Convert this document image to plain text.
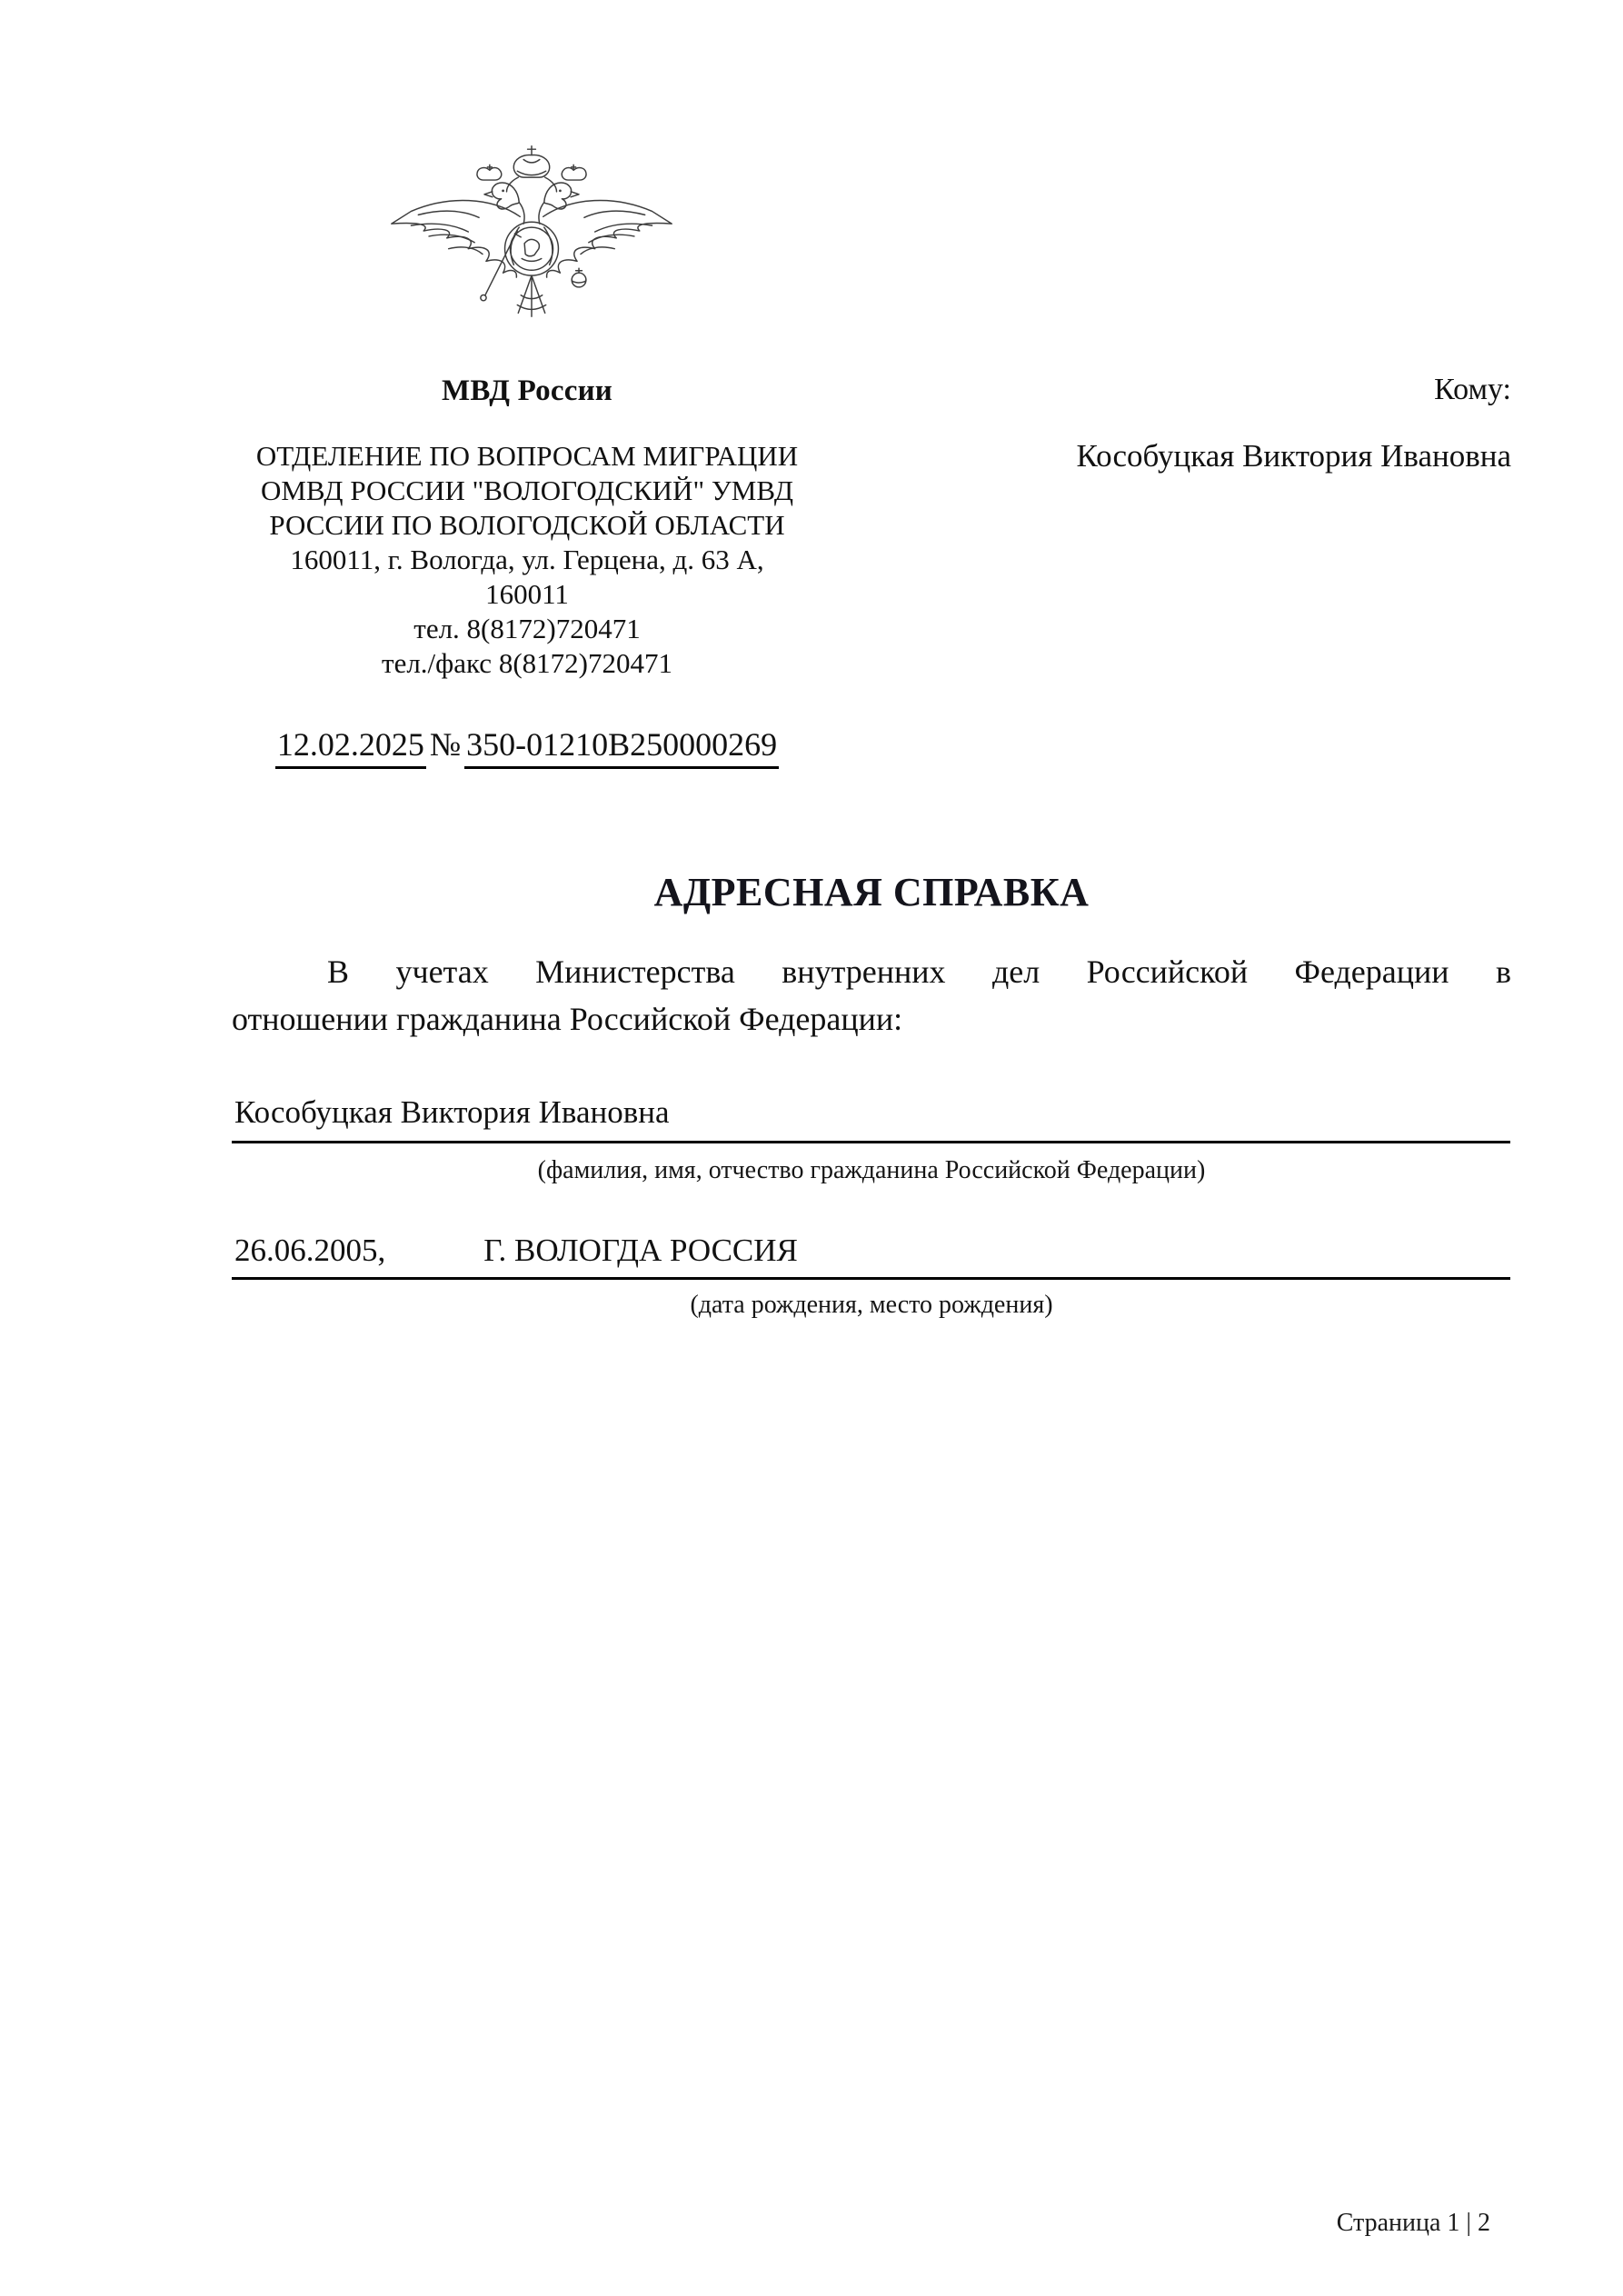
МВД России
ОТДЕЛЕНИЕ ПО ВОПРОСАМ МИГРАЦИИ
ОМВД РОССИИ "ВОЛОГОДСКИЙ" УМВД
РОССИИ ПО ВОЛОГОДСКОЙ ОБЛАСТИ
160011, г. Вологда, ул. Герцена, д. 63 А,
160011
тел. 8(8172)720471
тел./факс 8(8172)720471
12.02.2025 № 350-01210В250000269
Кому:
Кособуцкая Виктория Ивановна
АДРЕСНАЯ СПРАВКА
В учетах Министерства внутренних дел Российской Федерации в
отношении гражданина Российской Федерации:
Кособуцкая Виктория Ивановна
(фамилия, имя, отчество гражданина Российской Федерации)
26.06.2005,	Г. ВОЛОГДА РОССИЯ
(дата рождения, место рождения)
Страница 1 | 2
